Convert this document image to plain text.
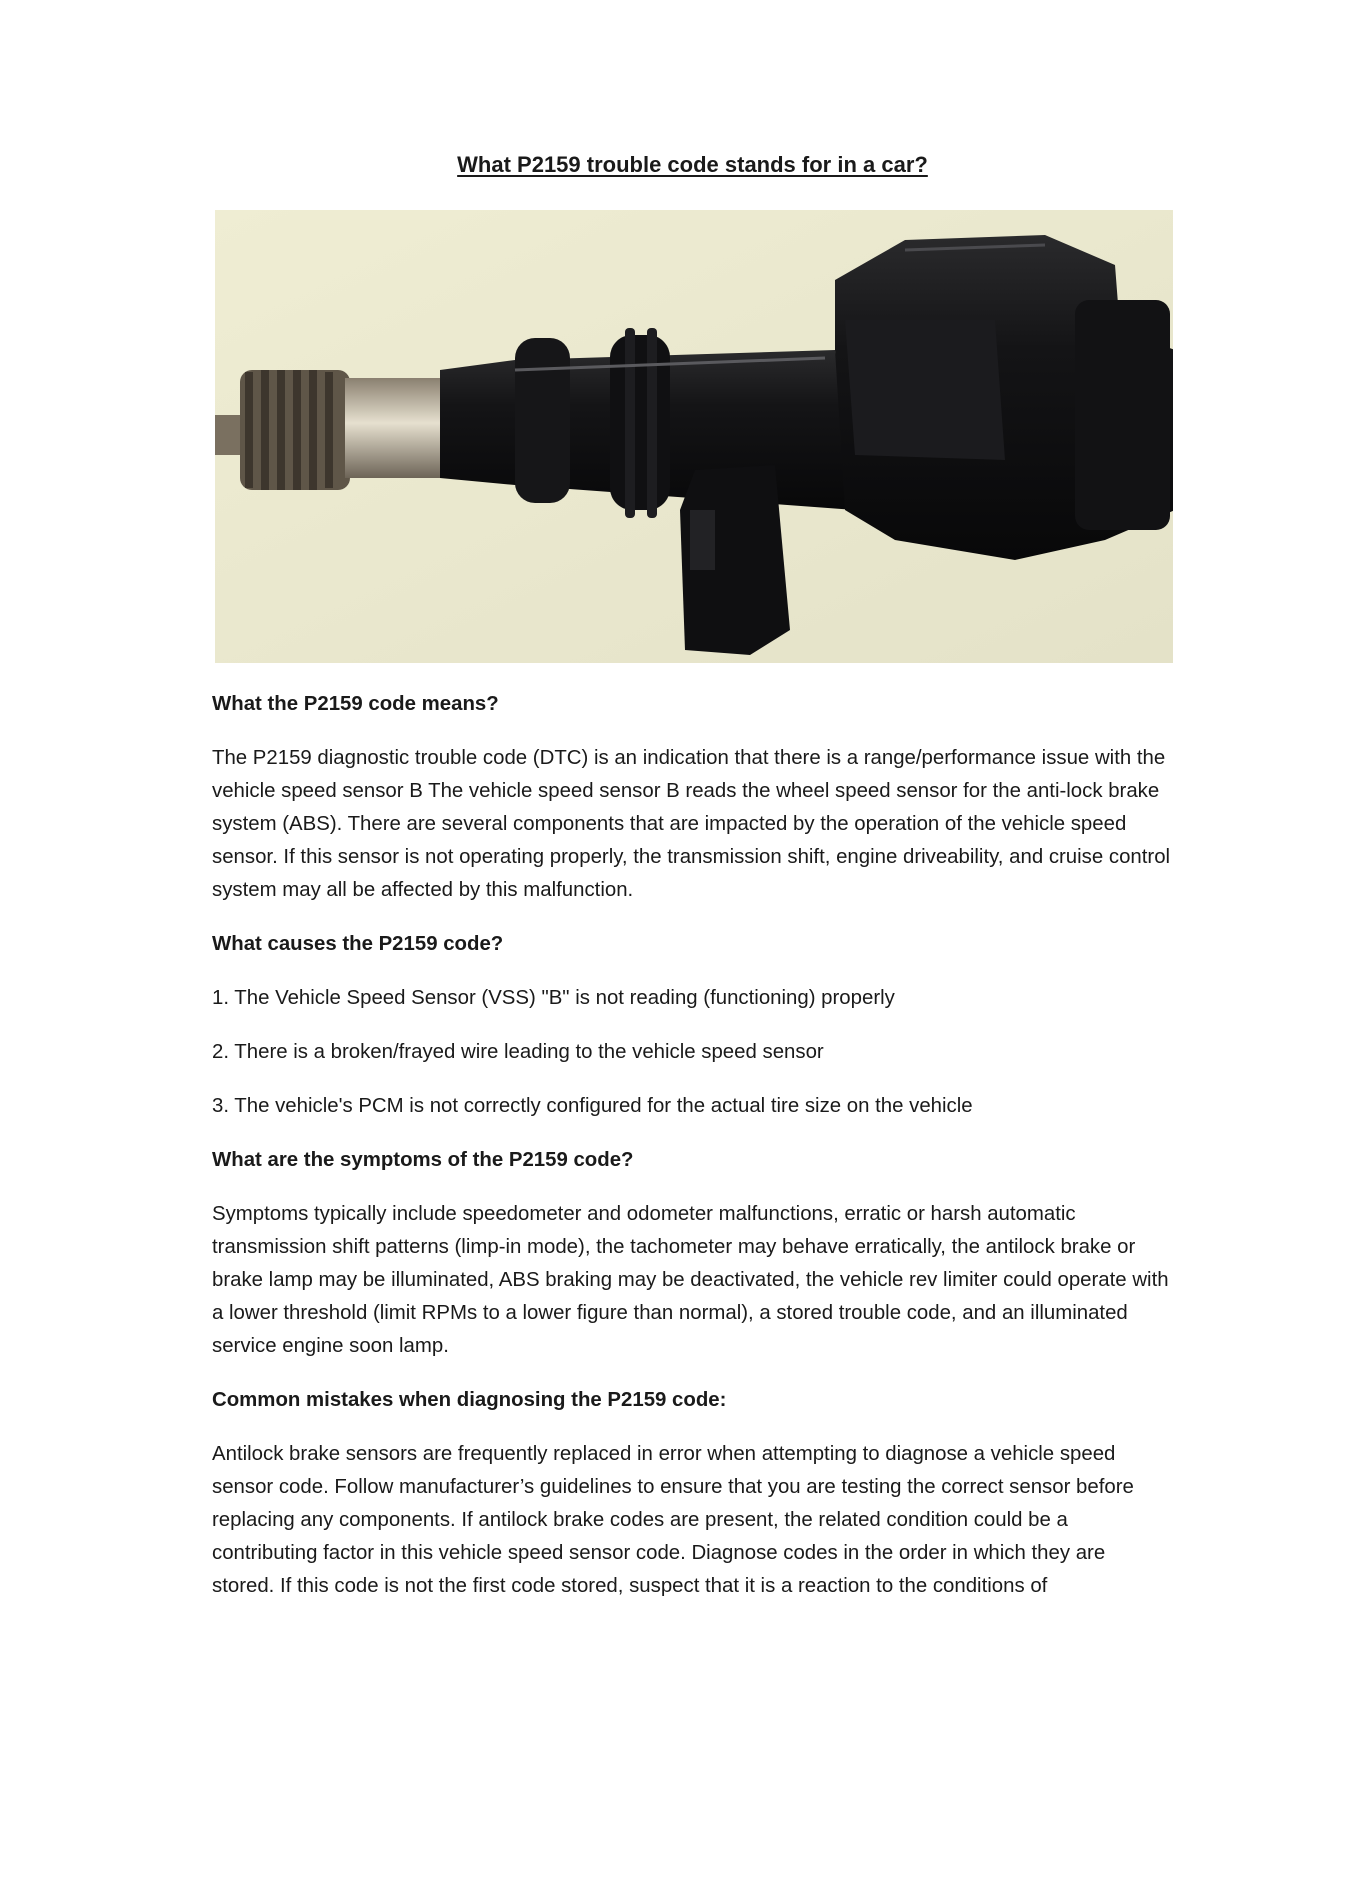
What P2159 trouble code stands for in a car?
What the P2159 code means?

The P2159 diagnostic trouble code (DTC) is an indication that there is a range/performance issue with the vehicle speed sensor B The vehicle speed sensor B reads the wheel speed sensor for the anti-lock brake system (ABS). There are several components that are impacted by the operation of the vehicle speed sensor. If this sensor is not operating properly, the transmission shift, engine driveability, and cruise control system may all be affected by this malfunction.

What causes the P2159 code?

1. The Vehicle Speed Sensor (VSS) "B" is not reading (functioning) properly

2. There is a broken/frayed wire leading to the vehicle speed sensor

3. The vehicle's PCM is not correctly configured for the actual tire size on the vehicle

What are the symptoms of the P2159 code?

Symptoms typically include speedometer and odometer malfunctions, erratic or harsh automatic transmission shift patterns (limp-in mode), the tachometer may behave erratically, the antilock brake or brake lamp may be illuminated, ABS braking may be deactivated, the vehicle rev limiter could operate with a lower threshold (limit RPMs to a lower figure than normal), a stored trouble code, and an illuminated service engine soon lamp.

Common mistakes when diagnosing the P2159 code:

Antilock brake sensors are frequently replaced in error when attempting to diagnose a vehicle speed sensor code. Follow manufacturer’s guidelines to ensure that you are testing the correct sensor before replacing any components. If antilock brake codes are present, the related condition could be a contributing factor in this vehicle speed sensor code. Diagnose codes in the order in which they are stored. If this code is not the first code stored, suspect that it is a reaction to the conditions of
